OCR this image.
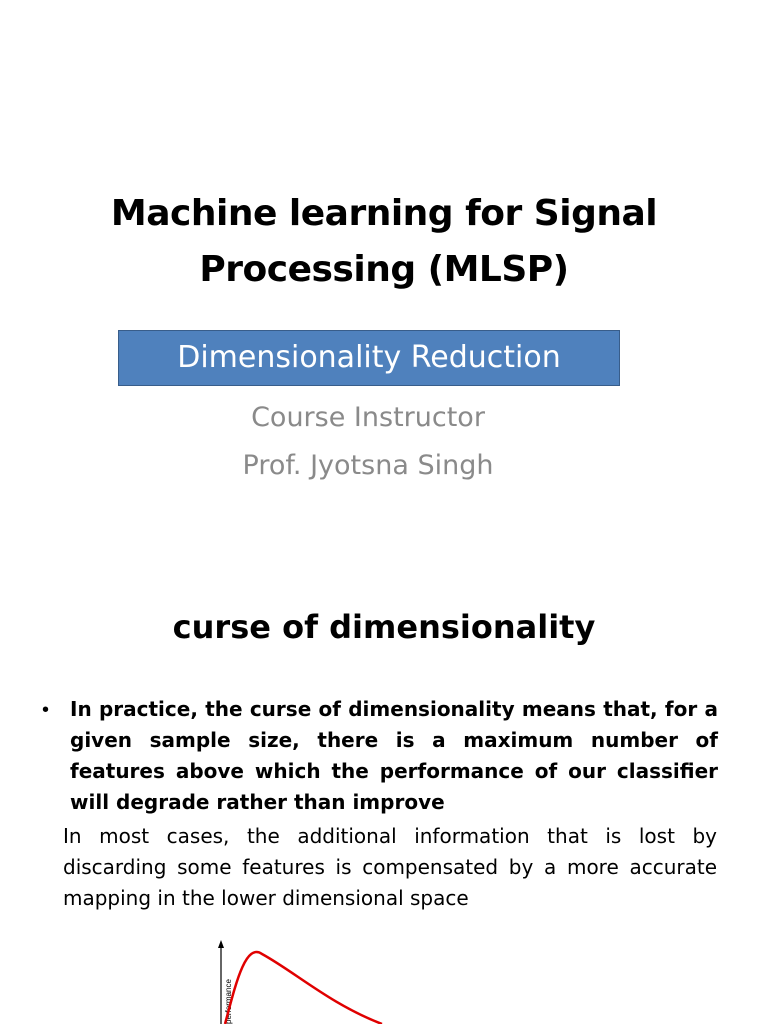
Machine learning for Signal
Processing (MLSP)
Dimensionality Reduction
Course Instructor
Prof. Jyotsna Singh
curse of dimensionality
• In practice, the curse of dimensionality means that, for a given sample size, there is a maximum number of features above which the performance of our classifier will degrade rather than improve
In most cases, the additional information that is lost by discarding some features is compensated by a more accurate mapping in the lower dimensional space
performance
